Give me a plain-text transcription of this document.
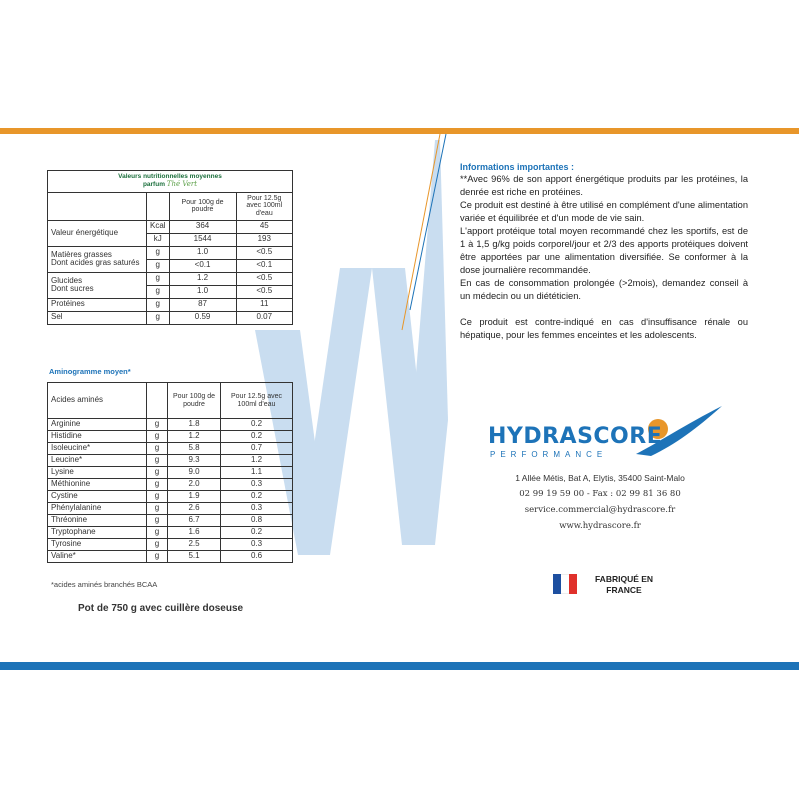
Valeurs nutritionnelles moyennes
parfum Thé Vert			

		Pour 100g de poudre	Pour 12.5g avec 100ml d'eau
Valeur énergétique	Kcal	364	45
	kJ	1544	193

Matières grasses
Dont acides gras saturés	g	1.0	<0.5
	g	<0.1	<0.1

Glucides
Dont sucres	g	1.2	<0.5
	g	1.0	<0.5
Protéines	g	87	11
Sel	g	0.59	0.07
Aminogramme moyen*
Acides aminés		Pour 100g de poudre	Pour 12.5g avec 100ml d'eau
Arginine	g	1.8	0.2
Histidine	g	1.2	0.2
Isoleucine*	g	5.8	0.7
Leucine*	g	9.3	1.2
Lysine	g	9.0	1.1
Méthionine	g	2.0	0.3
Cystine	g	1.9	0.2
Phénylalanine	g	2.6	0.3
Thréonine	g	6.7	0.8
Tryptophane	g	1.6	0.2
Tyrosine	g	2.5	0.3
Valine*	g	5.1	0.6
*acides aminés branchés BCAA
Pot de 750 g avec cuillère doseuse
Informations importantes :

**Avec 96% de son apport énergétique produits par les protéines, la denrée est riche en protéines.

Ce produit est destiné à être utilisé en complément d'une alimentation variée et équilibrée et d'un mode de vie sain.

L'apport protéique total moyen recommandé chez les sportifs, est de 1 à 1,5 g/kg poids corporel/jour et 2/3 des apports protéiques doivent être apportées par une alimentation diversifiée. Se conformer à la dose journalière recommandée.

En cas de consommation prolongée (>2mois), demandez conseil à un médecin ou un diététicien.

Ce produit est contre-indiqué en cas d'insuffisance rénale ou hépatique, pour les femmes enceintes et les adolescents.

HYDRASCORE
PERFORMANCE
1 Allée Métis, Bat A, Elytis, 35400 Saint-Malo
02 99 19 59 00 - Fax : 02 99 81 36 80
service.commercial@hydrascore.fr
www.hydrascore.fr
FABRIQUÉ EN
FRANCE
